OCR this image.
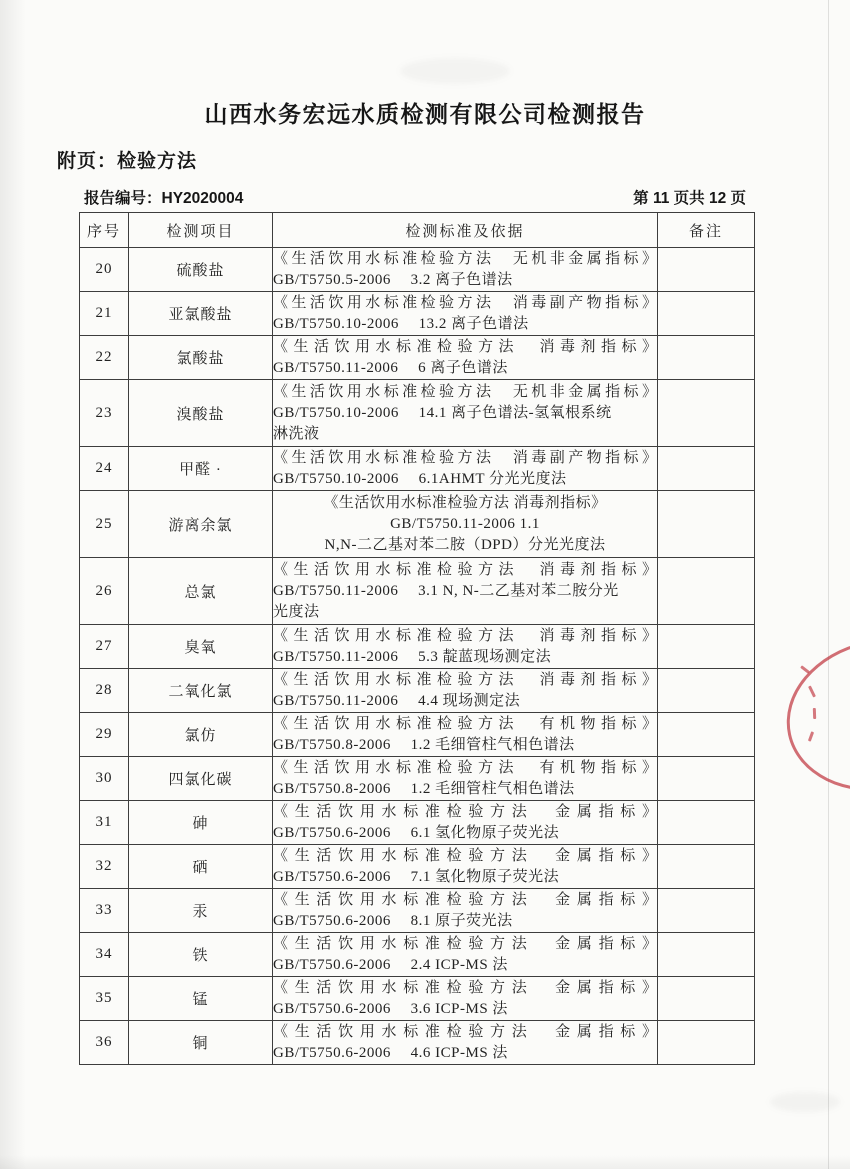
山西水务宏远水质检测有限公司检测报告
附页：检验方法
报告编号：HY2020004	第 11 页共 12 页
序号	检测项目	检测标准及依据	备注
20	硫酸盐	《生活饮用水标准检验方法　无机非金属指标》
GB/T5750.5-2006　 3.2 离子色谱法	

21	亚氯酸盐	《生活饮用水标准检验方法　消毒副产物指标》
GB/T5750.10-2006　 13.2 离子色谱法	

22	氯酸盐	《生活饮用水标准检验方法　消毒剂指标》
GB/T5750.11-2006　 6 离子色谱法	

23	溴酸盐	《生活饮用水标准检验方法　无机非金属指标》
GB/T5750.10-2006　 14.1 离子色谱法-氢氧根系统
淋洗液	

24	甲醛 ·	《生活饮用水标准检验方法　消毒副产物指标》
GB/T5750.10-2006　 6.1AHMT 分光光度法	

25	游离余氯	《生活饮用水标准检验方法 消毒剂指标》
GB/T5750.11-2006 1.1
N,N-二乙基对苯二胺（DPD）分光光度法	

26	总氯	《生活饮用水标准检验方法　消毒剂指标》
GB/T5750.11-2006　 3.1 N, N-二乙基对苯二胺分光
光度法	

27	臭氧	《生活饮用水标准检验方法　消毒剂指标》
GB/T5750.11-2006　 5.3 靛蓝现场测定法	

28	二氧化氯	《生活饮用水标准检验方法　消毒剂指标》
GB/T5750.11-2006　 4.4 现场测定法	

29	氯仿	《生活饮用水标准检验方法　有机物指标》
GB/T5750.8-2006　 1.2 毛细管柱气相色谱法	

30	四氯化碳	《生活饮用水标准检验方法　有机物指标》
GB/T5750.8-2006　 1.2 毛细管柱气相色谱法	

31	砷	《生活饮用水标准检验方法　金属指标》
GB/T5750.6-2006　 6.1 氢化物原子荧光法	

32	硒	《生活饮用水标准检验方法　金属指标》
GB/T5750.6-2006　 7.1 氢化物原子荧光法	

33	汞	《生活饮用水标准检验方法　金属指标》
GB/T5750.6-2006　 8.1 原子荧光法	

34	铁	《生活饮用水标准检验方法　金属指标》
GB/T5750.6-2006　 2.4 ICP-MS 法	

35	锰	《生活饮用水标准检验方法　金属指标》
GB/T5750.6-2006　 3.6 ICP-MS 法	

36	铜	《生活饮用水标准检验方法　金属指标》
GB/T5750.6-2006　 4.6 ICP-MS 法	
